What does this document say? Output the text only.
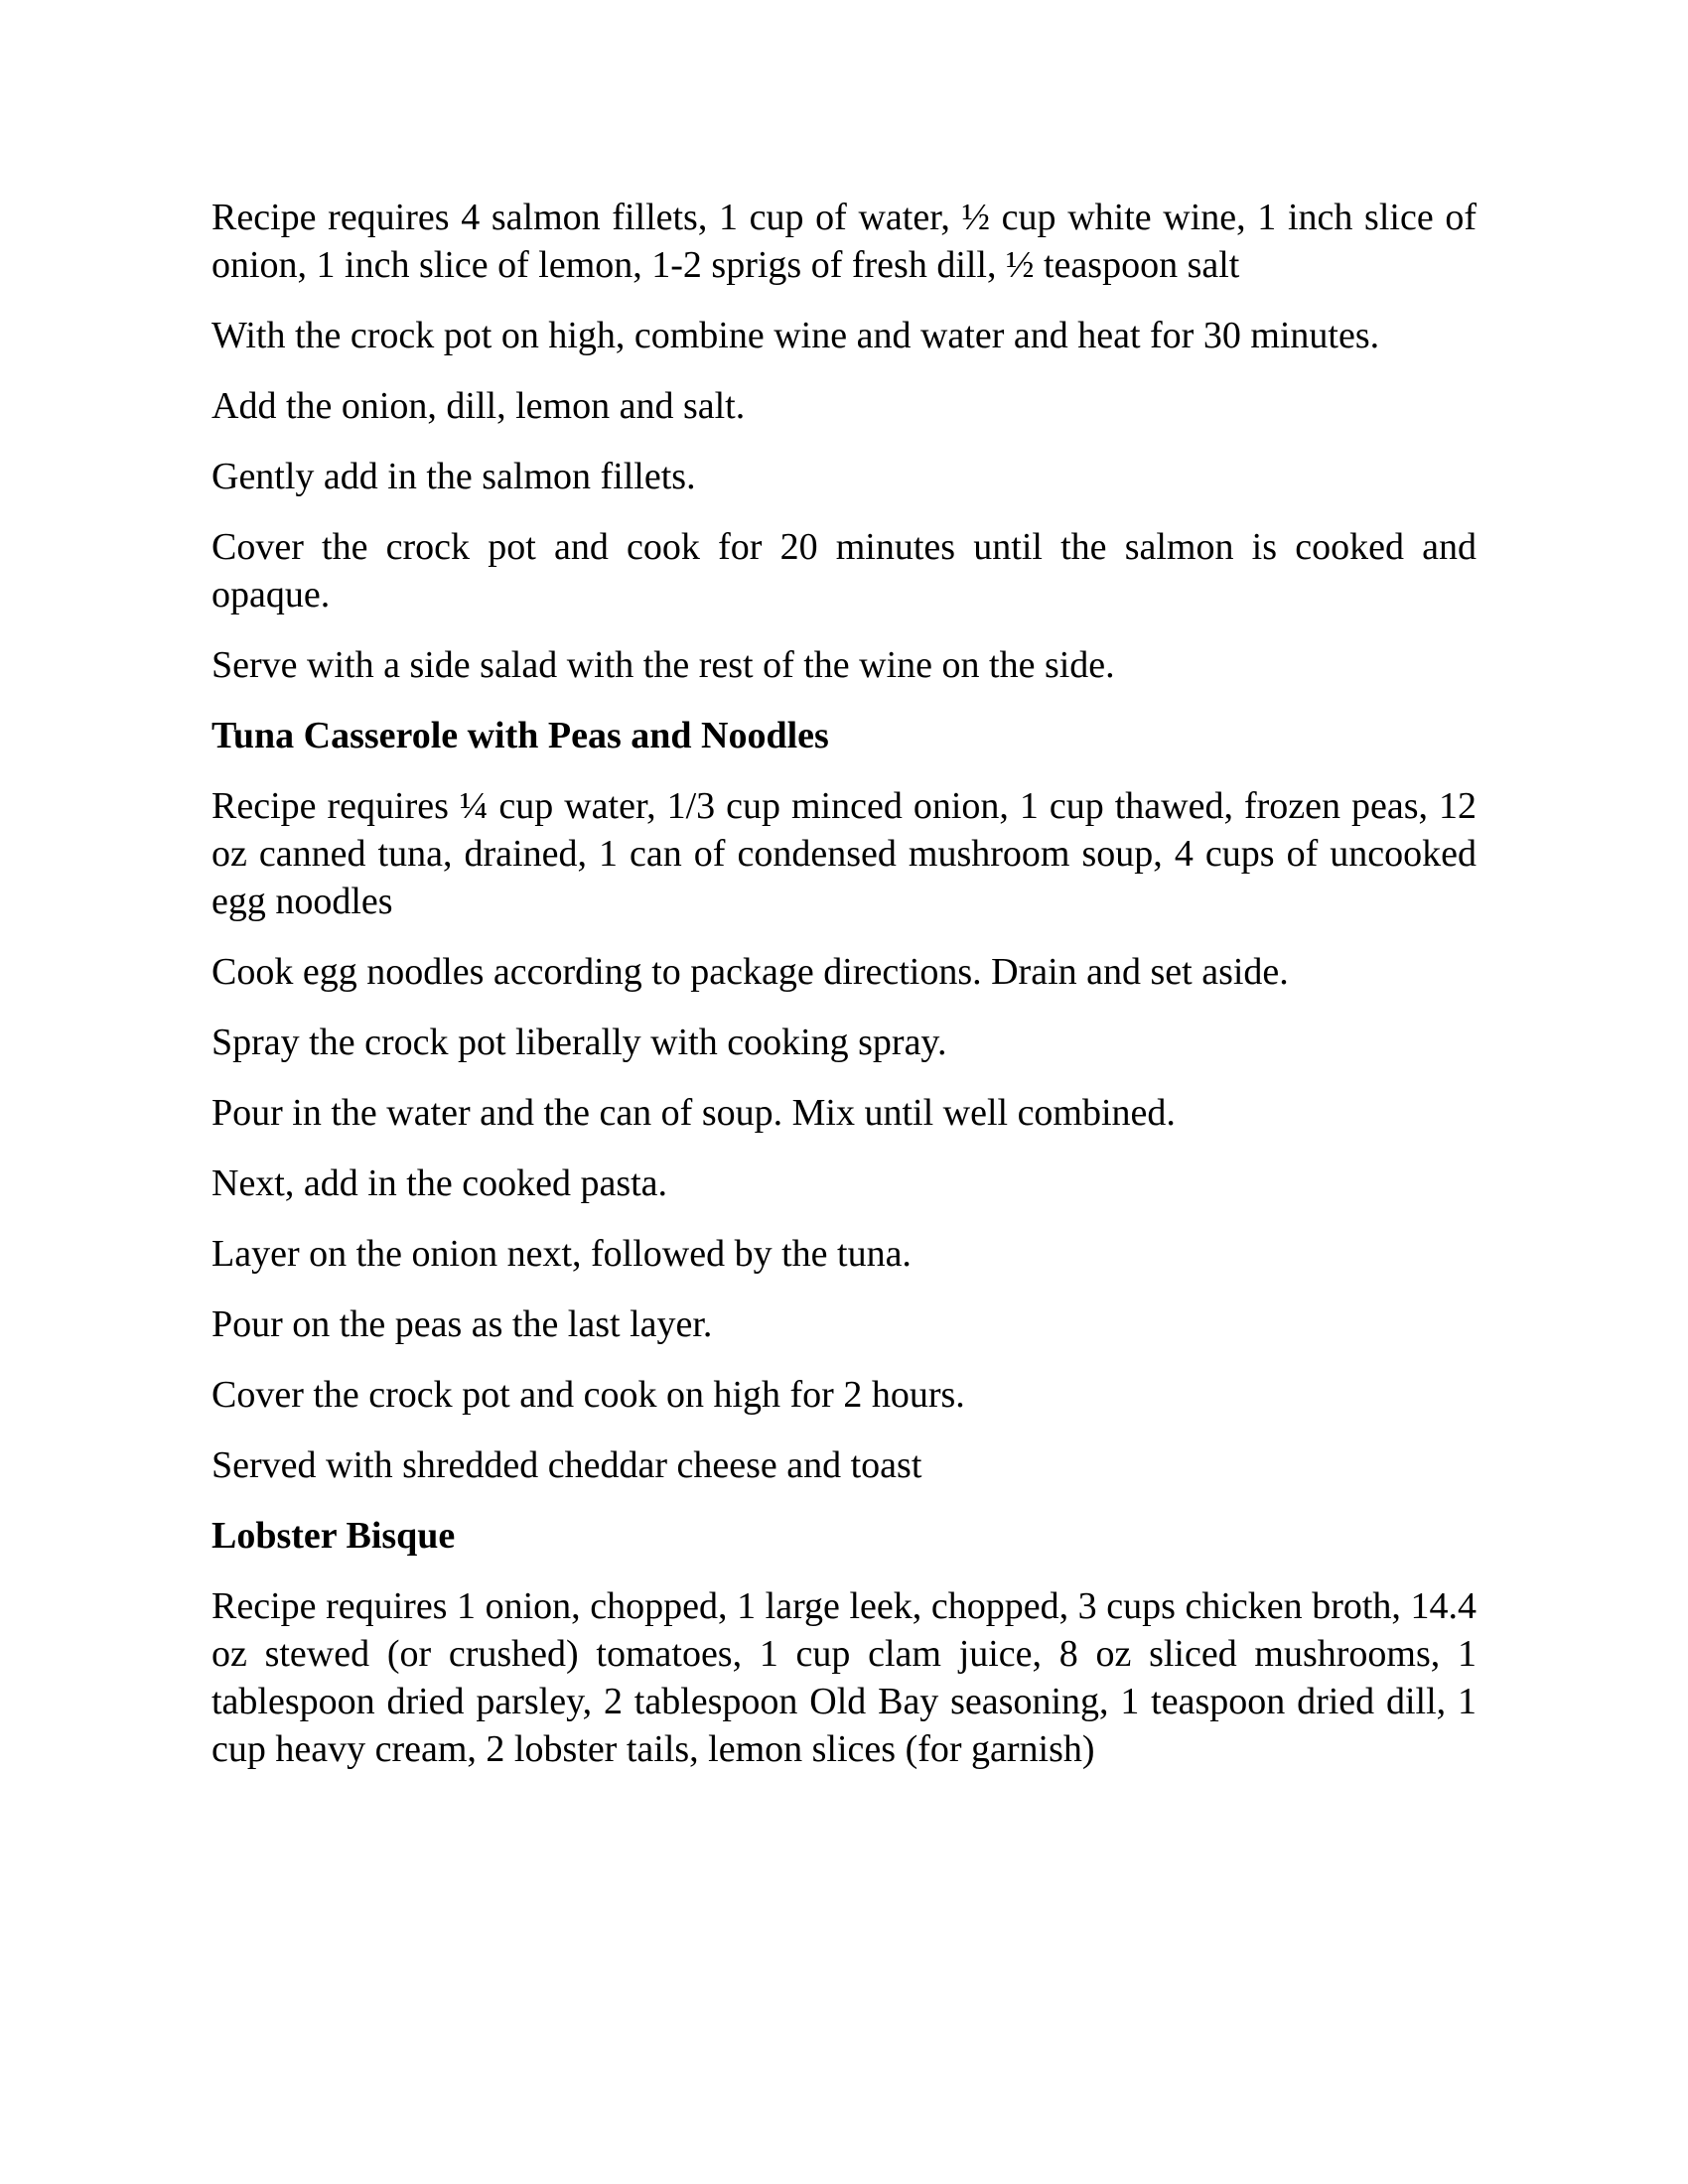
Recipe requires 4 salmon fillets, 1 cup of water, ½ cup white wine, 1 inch slice of onion, 1 inch slice of lemon, 1-2 sprigs of fresh dill, ½ teaspoon salt

With the crock pot on high, combine wine and water and heat for 30 minutes.

Add the onion, dill, lemon and salt.

Gently add in the salmon fillets.

Cover the crock pot and cook for 20 minutes until the salmon is cooked and opaque.

Serve with a side salad with the rest of the wine on the side.

Tuna Casserole with Peas and Noodles

Recipe requires ¼ cup water, 1/3 cup minced onion, 1 cup thawed, frozen peas, 12 oz canned tuna, drained, 1 can of condensed mushroom soup, 4 cups of uncooked egg noodles

Cook egg noodles according to package directions. Drain and set aside.

Spray the crock pot liberally with cooking spray.

Pour in the water and the can of soup. Mix until well combined.

Next, add in the cooked pasta.

Layer on the onion next, followed by the tuna.

Pour on the peas as the last layer.

Cover the crock pot and cook on high for 2 hours.

Served with shredded cheddar cheese and toast

Lobster Bisque

Recipe requires 1 onion, chopped, 1 large leek, chopped, 3 cups chicken broth, 14.4 oz stewed (or crushed) tomatoes, 1 cup clam juice, 8 oz sliced mushrooms, 1 tablespoon dried parsley, 2 tablespoon Old Bay seasoning, 1 teaspoon dried dill, 1 cup heavy cream, 2 lobster tails, lemon slices (for garnish)
